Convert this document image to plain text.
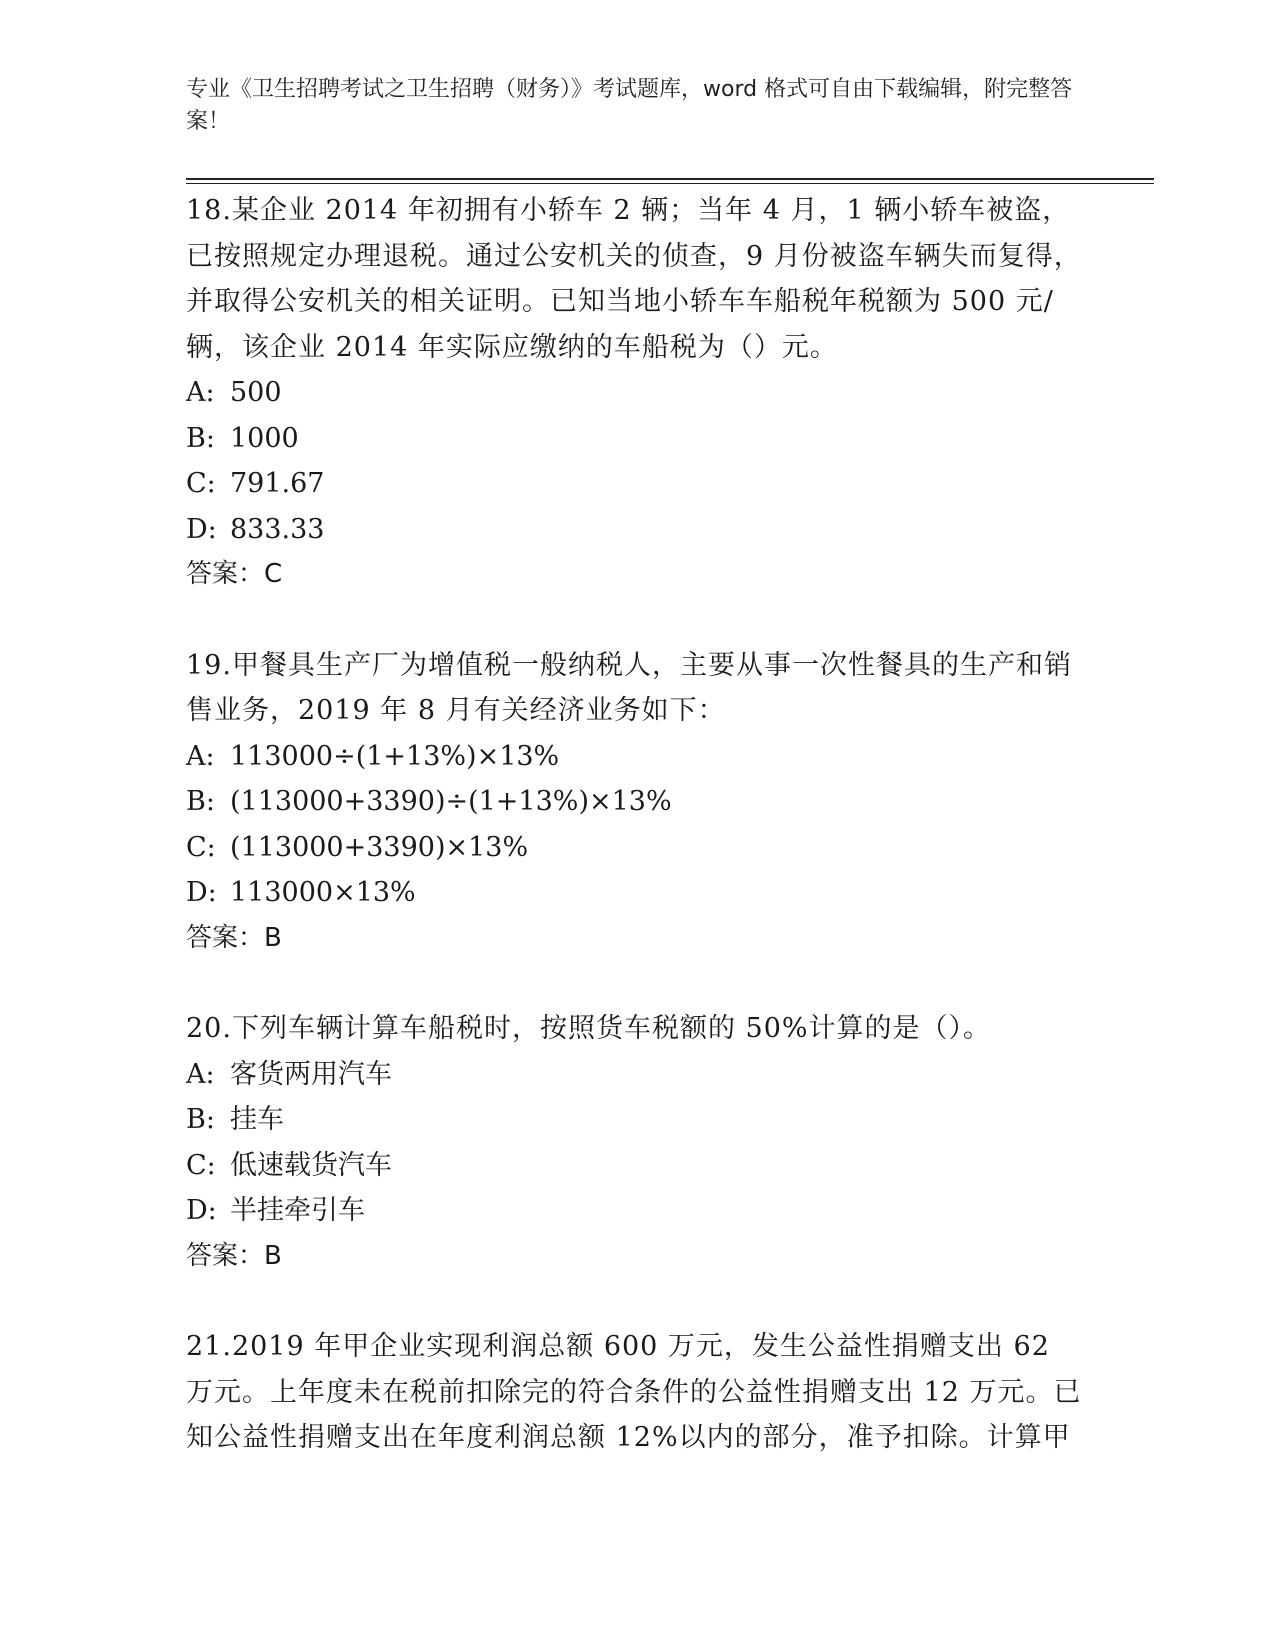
专业《卫生招聘考试之卫生招聘（财务）》考试题库，word 格式可自由下载编辑，附完整答案！

18.某企业 2014 年初拥有小轿车 2 辆；当年 4 月，1 辆小轿车被盗，已按照规定办理退税。通过公安机关的侦查，9 月份被盗车辆失而复得，并取得公安机关的相关证明。已知当地小轿车车船税年税额为 500 元/辆，该企业 2014 年实际应缴纳的车船税为（）元。

A: 500

B: 1000

C: 791.67

D: 833.33

答案：C

19.甲餐具生产厂为增值税一般纳税人，主要从事一次性餐具的生产和销售业务，2019 年 8 月有关经济业务如下：

A: 113000÷(1+13%)×13%

B: (113000+3390)÷(1+13%)×13%

C: (113000+3390)×13%

D: 113000×13%

答案：B

20.下列车辆计算车船税时，按照货车税额的 50%计算的是（）。

A: 客货两用汽车

B: 挂车

C: 低速载货汽车

D: 半挂牵引车

答案：B

21.2019 年甲企业实现利润总额 600 万元，发生公益性捐赠支出 62 万元。上年度未在税前扣除完的符合条件的公益性捐赠支出 12 万元。已知公益性捐赠支出在年度利润总额 12%以内的部分，准予扣除。计算甲
